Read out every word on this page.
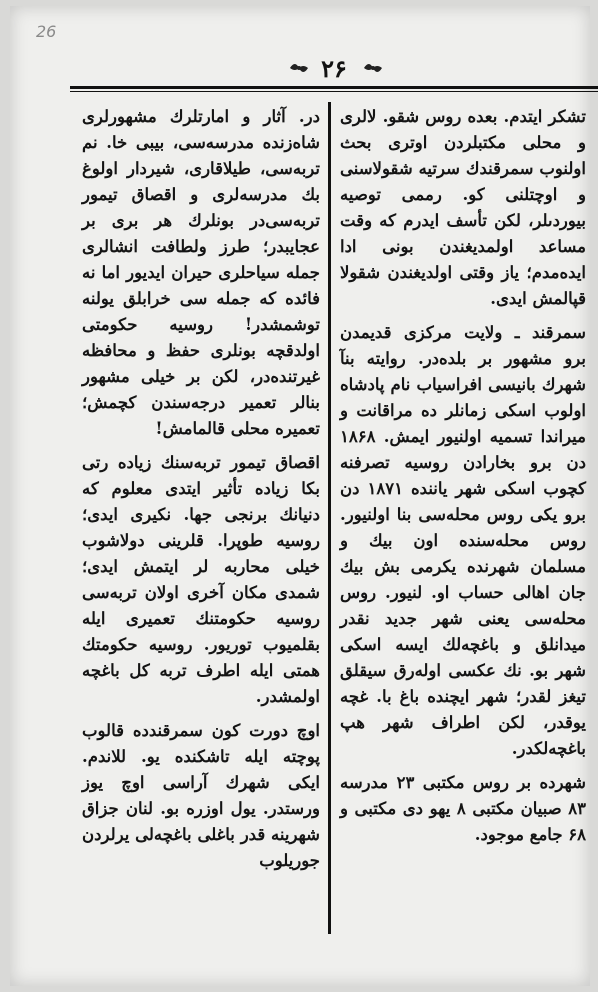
26
۲۶

تشكر ايتدم. بعده روس شقو. لالرى و محلى مكتبلردن اوترى بحث اولنوب سمرقندك سرتيه شقولاسنى و اوچتلنى كو. رممى توصيه بيوردىلر، لكن تأسف ايدرم كه وقت مساعد اولمديغندن بونى ادا ايده‌مدم؛ ياز وقتى اولديغندن شقولا قپالمش ايدى.

سمرقند ـ ولايت مركزى قديمدن برو مشهور بر بلده‌در. روايته بنآ شهرك بانيسى افراسياب نام پادشاه اولوب اسكى زمانلر ده مراقانت و ميراندا تسميه اولنيور ايمش. ۱۸۶۸ دن برو بخارادن روسيه تصرفنه كچوب اسكى شهر يانندە ۱۸۷۱ دن برو يكى روس محله‌سى بنا اولنيور. روس محله‌سنده اون بيك و مسلمان شهرنده يكرمى بش بيك جان اهالى حساب او. لنيور. روس محله‌سى يعنى شهر جديد نقدر ميدانلق و باغچه‌لك ايسه اسكى شهر بو. نك عكسى اولەرق سيقلق تيغز لقدر؛ شهر ايچنده باغ با. غچه يوقدر، لكن اطراف شهر هپ باغچه‌لكدر.

شهرده بر روس مكتبى ۲۳ مدرسه ۸۳ صبيان مكتبى ۸ يهو دى مكتبى و ۶۸ جامع موجود.

در. آثار و امارتلرك مشهورلرى شاه‌زنده مدرسه‌سى، بيبى خا. نم تربه‌سى، طيلاقارى، شيردار اولوغ بك مدرسه‌لرى و اقصاق تيمور تربه‌سى‌در بونلرك هر برى بر عجايبدر؛ طرز ولطافت انشالرى جمله سياحلرى حيران ايديور اما نه فائده كه جمله سى خرابلق يولنه توشمشدر! روسيه حكومتى اولدقچه بونلرى حفظ و محافظه غيرتنده‌در، لكن بر خيلى مشهور بنالر تعمير درجه‌سندن كچمش؛ تعميره محلى قالمامش!

اقصاق تيمور تربه‌سنك زيادە رتى بكا زياده تأثير ايتدى معلوم كه دنيانك برنجى جها. نكيرى ايدى؛ روسيه طوپرا. قلرينى دولاشوب خيلى محاربه لر ايتمش ايدى؛ شمدى مكان آخرى اولان تربه‌سى روسيه حكومتنك تعميرى ايله بقلميوب توريور. روسيه حكومتك همتى ايله اطرف تربه كل باغچه اولمشدر.

اوچ دورت كون سمرقندده قالوب پوچته ايله تاشكنده يو. للاندم. ايكى شهرك آراسى اوچ يوز ورستدر. يول اوزره بو. لنان جزاق شهرينه قدر باغلى باغچه‌لى يرلردن جوريلوب
